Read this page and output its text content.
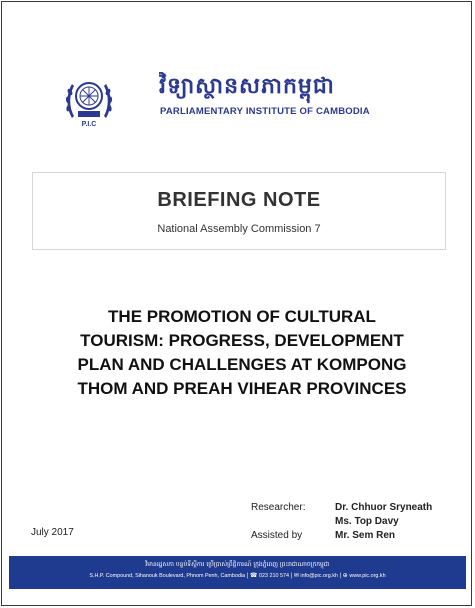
P.I.C
វិទ្យាស្ថានសភាកម្ពុជា
PARLIAMENTARY INSTITUTE OF CAMBODIA
BRIEFING NOTE
National Assembly Commission 7
THE PROMOTION OF CULTURAL
TOURISM: PROGRESS, DEVELOPMENT
PLAN AND CHALLENGES AT KOMPONG
THOM AND PREAH VIHEAR PROVINCES
Researcher:	Dr. Chhuor Sryneath
Ms. Top Davy
Assisted by	Mr. Sem Ren
July 2017
វិមានរដ្ឋសភា បន្ទប់ទីស្តីការ ប្រើប្រាស់ព្រឹត្តិការណ៍ ក្រុងភ្នំពេញ ព្រះរាជាណាចក្រកម្ពុជា
S.H.P. Compound, Sihanouk Boulevard, Phnom Penh, Cambodia | ☎ 023 210 574 | ✉ info@pic.org.kh | ⊕ www.pic.org.kh
